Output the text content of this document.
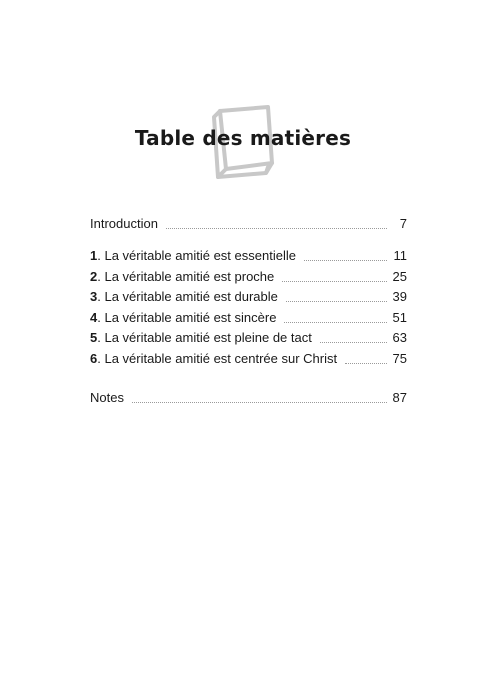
Table des matières
Introduction	7
1. La véritable amitié est essentielle	11
2. La véritable amitié est proche	25
3. La véritable amitié est durable	39
4. La véritable amitié est sincère	51
5. La véritable amitié est pleine de tact	63
6. La véritable amitié est centrée sur Christ	75
Notes	87
